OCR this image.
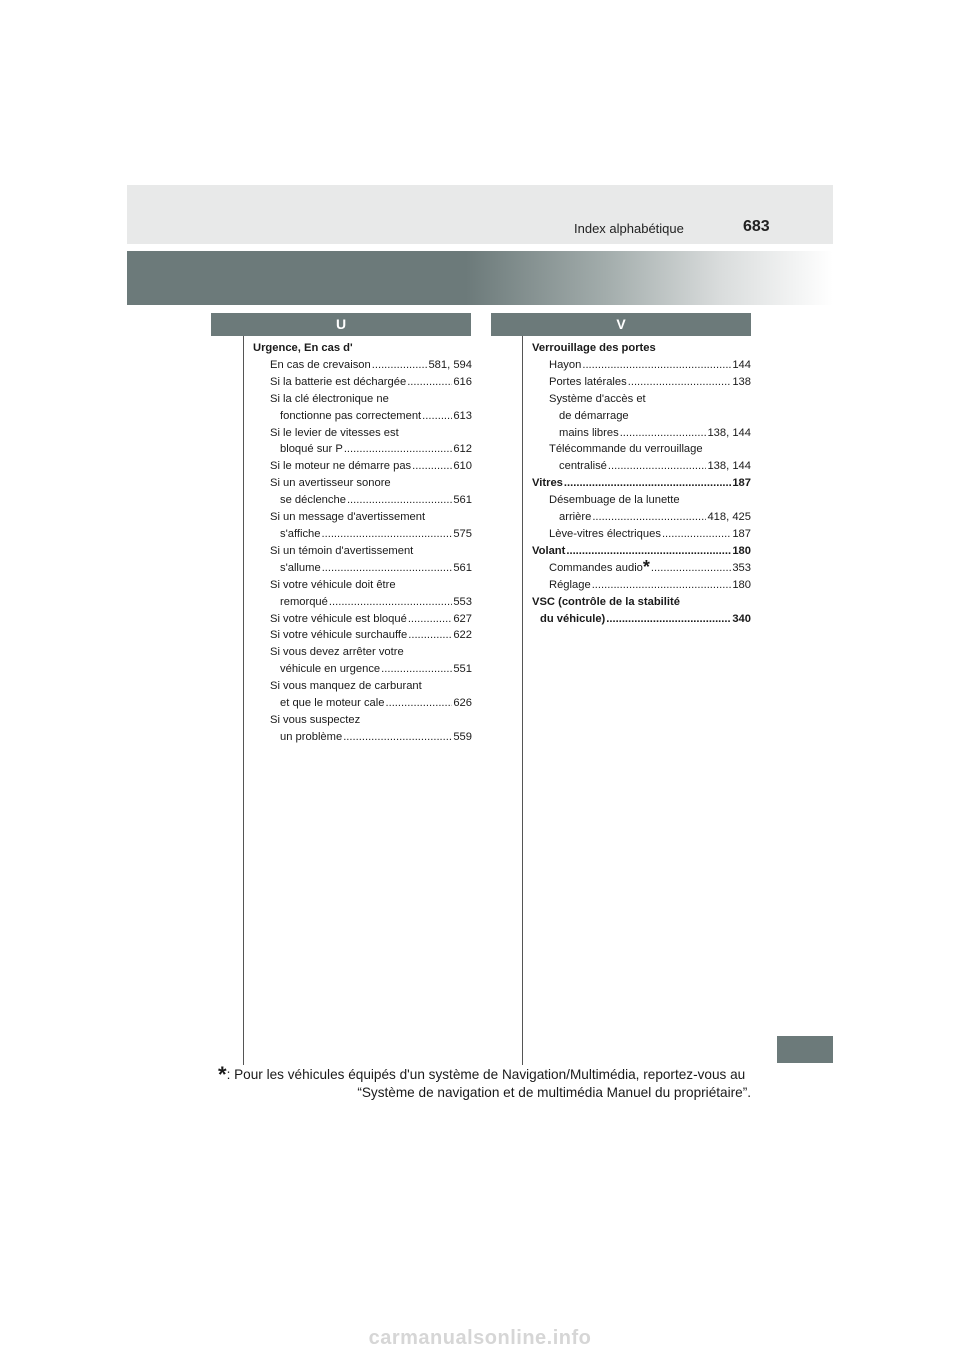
Index alphabétique	683
U	V
Urgence, En cas d'
En cas de crevaison .....	581, 594
Si la batterie est déchargée .....	616
Si la clé électronique ne
fonctionne pas correctement .....	613
Si le levier de vitesses est
bloqué sur P .....	612
Si le moteur ne démarre pas .....	610
Si un avertisseur sonore
se déclenche .....	561
Si un message d'avertissement
s'affiche .....	575
Si un témoin d'avertissement
s'allume .....	561
Si votre véhicule doit être
remorqué .....	553
Si votre véhicule est bloqué .....	627
Si votre véhicule surchauffe .....	622
Si vous devez arrêter votre
véhicule en urgence .....	551
Si vous manquez de carburant
et que le moteur cale .....	626
Si vous suspectez
un problème .....	559
Verrouillage des portes
Hayon .....	144
Portes latérales .....	138
Système d'accès et
de démarrage
mains libres .....	138, 144
Télécommande du verrouillage
centralisé .....	138, 144
Vitres .....	187
Désembuage de la lunette
arrière .....	418, 425
Lève-vitres électriques .....	187
Volant .....	180
Commandes audio* .....	353
Réglage .....	180
VSC (contrôle de la stabilité
du véhicule) .....	340
*: Pour les véhicules équipés d'un système de Navigation/Multimédia, reportez-vous au
“Système de navigation et de multimédia Manuel du propriétaire”.
carmanualsonline.info
